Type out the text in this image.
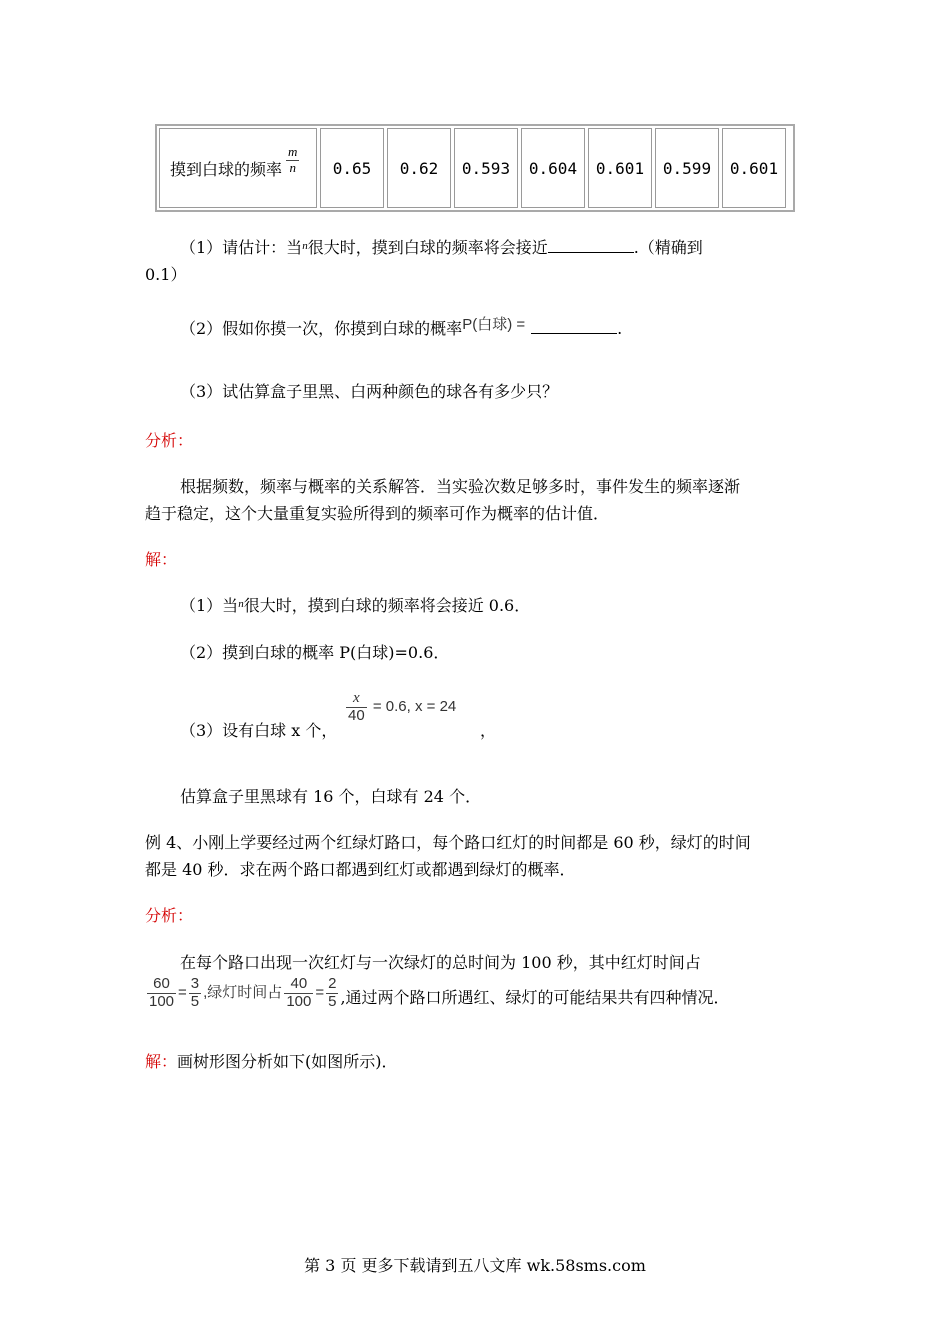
摸到白球的频率 $\frac{m}{n}$	0.65	0.62	0.593	0.604	0.601	0.599	0.601
（1）请估计：当$^n$很大时，摸到白球的频率将会接近	.（精确到
0.1）
（2）假如你摸一次，你摸到白球的概率P(白球) =	.
（3）试估算盒子里黑、白两种颜色的球各有多少只？
分析：
根据频数，频率与概率的关系解答．当实验次数足够多时，事件发生的频率逐渐
趋于稳定，这个大量重复实验所得到的频率可作为概率的估计值．
解：
（1）当$^n$很大时，摸到白球的频率将会接近 0.6．
（2）摸到白球的概率 P(白球)=0.6．
（3）设有白球 x 个，
$\frac{x}{40} = 0.6$, x = 24
，
估算盒子里黑球有 16 个，白球有 24 个．
例 4、小刚上学要经过两个红绿灯路口，每个路口红灯的时间都是 60 秒，绿灯的时间
都是 40 秒．求在两个路口都遇到红灯或都遇到绿灯的概率．
分析：
在每个路口出现一次红灯与一次绿灯的总时间为 100 秒，其中红灯时间占
$\frac{60}{100} = \frac{3}{5}$ ,绿灯时间占 $\frac{40}{100} = \frac{2}{5}$ ,通过两个路口所遇红、绿灯的可能结果共有四种情况．
解：画树形图分析如下(如图所示)．
第 3 页 更多下载请到五八文库 wk.58sms.com
